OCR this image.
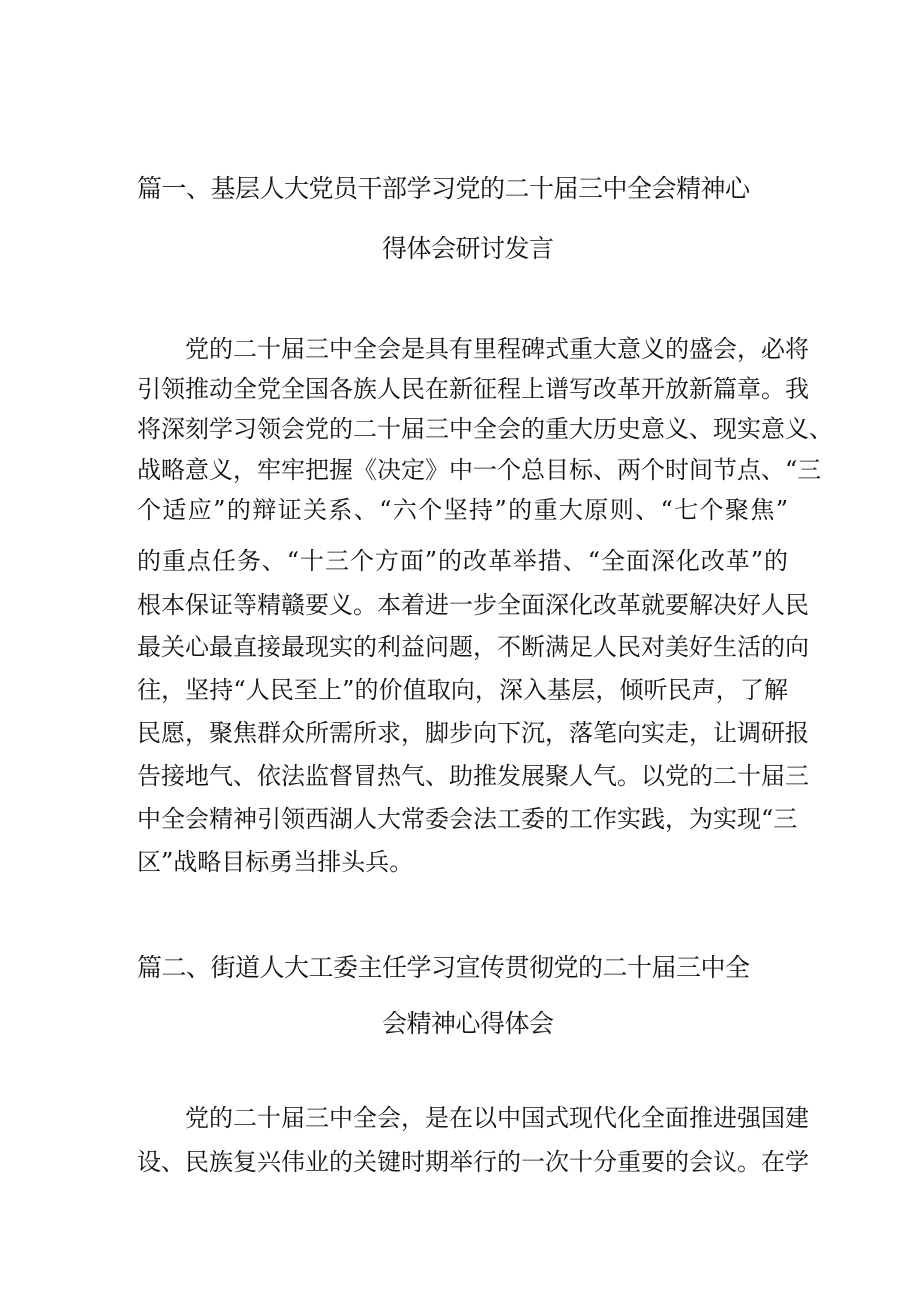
篇一、基层人大党员干部学习党的二十届三中全会精神心
得体会研讨发言
党的二十届三中全会是具有里程碑式重大意义的盛会，必将
引领推动全党全国各族人民在新征程上谱写改革开放新篇章。我
将深刻学习领会党的二十届三中全会的重大历史意义、现实意义、
战略意义，牢牢把握《决定》中一个总目标、两个时间节点、“三
个适应”的辩证关系、“六个坚持”的重大原则、“七个聚焦”
的重点任务、“十三个方面”的改革举措、“全面深化改革”的
根本保证等精赣要义。本着进一步全面深化改革就要解决好人民
最关心最直接最现实的利益问题，不断满足人民对美好生活的向
往，坚持“人民至上”的价值取向，深入基层，倾听民声，了解
民愿，聚焦群众所需所求，脚步向下沉，落笔向实走，让调研报
告接地气、依法监督冒热气、助推发展聚人气。以党的二十届三
中全会精神引领西湖人大常委会法工委的工作实践，为实现“三
区”战略目标勇当排头兵。
篇二、街道人大工委主任学习宣传贯彻党的二十届三中全
会精神心得体会
党的二十届三中全会，是在以中国式现代化全面推进强国建
设、民族复兴伟业的关键时期举行的一次十分重要的会议。在学
